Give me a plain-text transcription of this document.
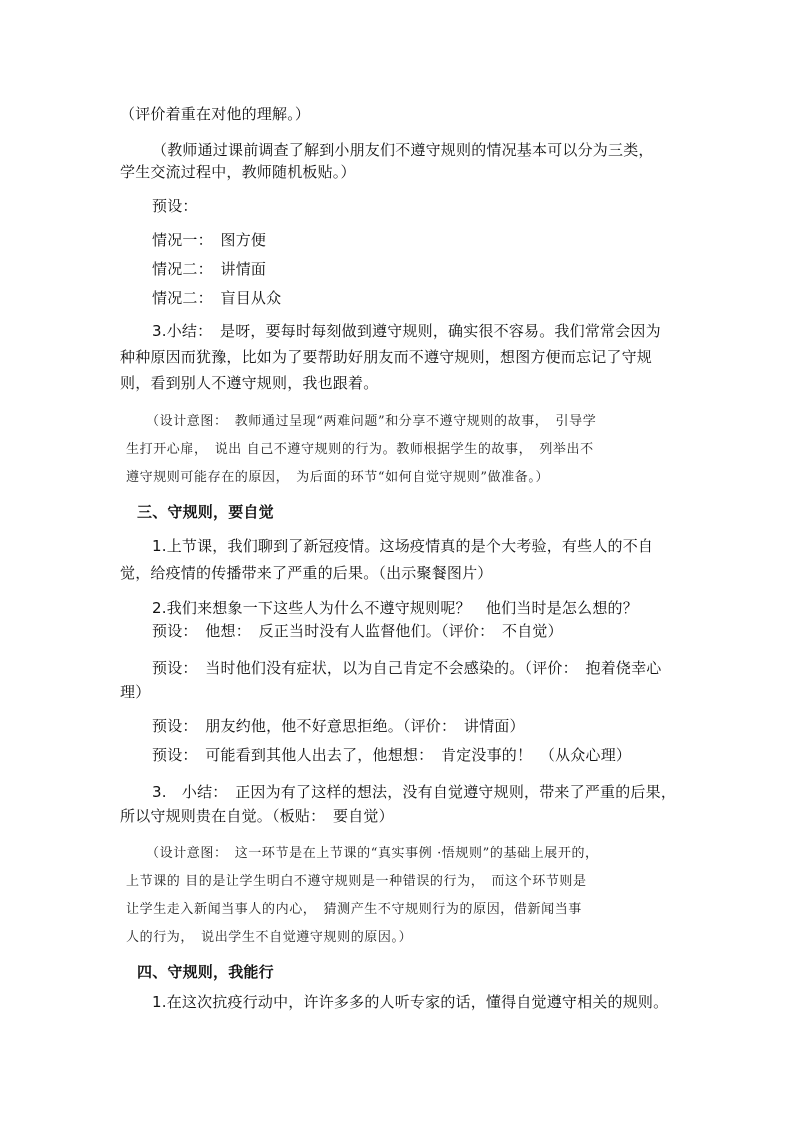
（评价着重在对他的理解。）
（教师通过课前调查了解到小朋友们不遵守规则的情况基本可以分为三类，
学生交流过程中，教师随机板贴。）
预设：
情况一：　图方便
情况二：　讲情面
情况二：　盲目从众
3.小结：　是呀，要每时每刻做到遵守规则，确实很不容易。我们常常会因为
种种原因而犹豫，比如为了要帮助好朋友而不遵守规则，想图方便而忘记了守规
则，看到别人不遵守规则，我也跟着。
（设计意图：　教师通过呈现“两难问题”和分享不遵守规则的故事，　引导学
生打开心扉，　说出 自己不遵守规则的行为。教师根据学生的故事，　列举出不
遵守规则可能存在的原因，　为后面的环节“如何自觉守规则”做准备。）
三、守规则，要自觉
1.上节课，我们聊到了新冠疫情。这场疫情真的是个大考验，有些人的不自
觉，给疫情的传播带来了严重的后果。（出示聚餐图片）
2.我们来想象一下这些人为什么不遵守规则呢？　他们当时是怎么想的？
预设：　他想：　反正当时没有人监督他们。（评价：　不自觉）
预设：　当时他们没有症状，以为自己肯定不会感染的。（评价：　抱着侥幸心
理）
预设：　朋友约他，他不好意思拒绝。（评价：　讲情面）
预设：　可能看到其他人出去了，他想想：　肯定没事的！　（从众心理）
3.　小结：　正因为有了这样的想法，没有自觉遵守规则，带来了严重的后果，
所以守规则贵在自觉。（板贴：　要自觉）
（设计意图：　这一环节是在上节课的“真实事例 ·悟规则”的基础上展开的，
上节课的 目的是让学生明白不遵守规则是一种错误的行为，　而这个环节则是
让学生走入新闻当事人的内心，　猜测产生不守规则行为的原因，借新闻当事
人的行为，　说出学生不自觉遵守规则的原因。）
四、守规则，我能行
1.在这次抗疫行动中，许许多多的人听专家的话，懂得自觉遵守相关的规则。
